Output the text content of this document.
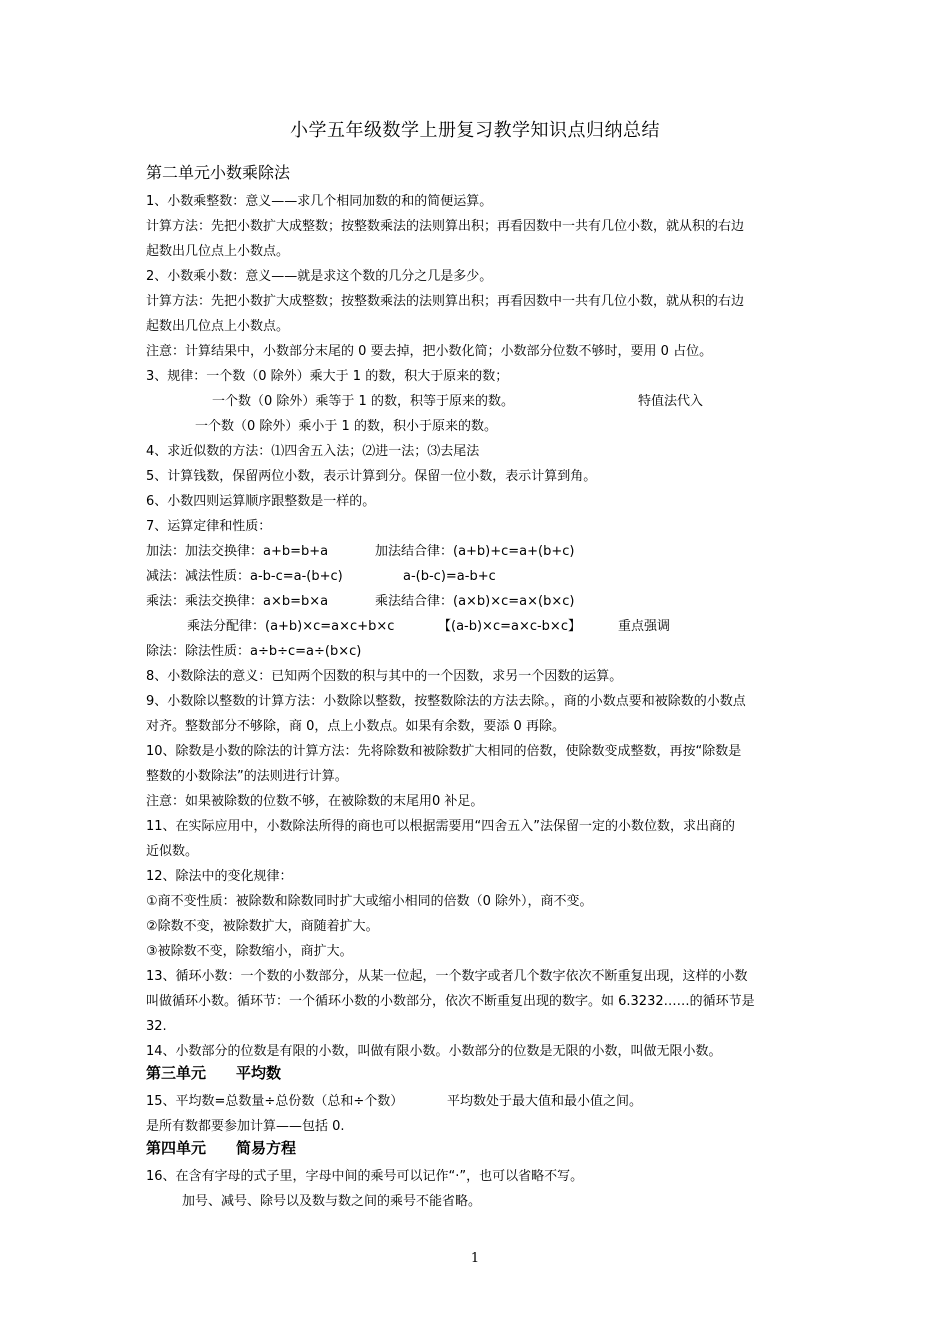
小学五年级数学上册复习教学知识点归纳总结
第二单元小数乘除法
1、小数乘整数：意义——求几个相同加数的和的简便运算。
计算方法：先把小数扩大成整数；按整数乘法的法则算出积；再看因数中一共有几位小数，就从积的右边
起数出几位点上小数点。
2、小数乘小数：意义——就是求这个数的几分之几是多少。
计算方法：先把小数扩大成整数；按整数乘法的法则算出积；再看因数中一共有几位小数，就从积的右边
起数出几位点上小数点。
注意：计算结果中，小数部分末尾的 0 要去掉，把小数化简；小数部分位数不够时，要用 0 占位。
3、规律：一个数（0 除外）乘大于 1 的数，积大于原来的数；
一个数（0 除外）乘等于 1 的数，积等于原来的数。	特值法代入
一个数（0 除外）乘小于 1 的数，积小于原来的数。
4、求近似数的方法：⑴四舍五入法；⑵进一法；⑶去尾法
5、计算钱数，保留两位小数，表示计算到分。保留一位小数，表示计算到角。
6、小数四则运算顺序跟整数是一样的。
7、运算定律和性质：
加法：加法交换律：a+b=b+a	加法结合律：(a+b)+c=a+(b+c)
减法：减法性质：a-b-c=a-(b+c)	a-(b-c)=a-b+c
乘法：乘法交换律：a×b=b×a	乘法结合律：(a×b)×c=a×(b×c)
乘法分配律：(a+b)×c=a×c+b×c	【(a-b)×c=a×c-b×c】	重点强调
除法：除法性质：a÷b÷c=a÷(b×c)
8、小数除法的意义：已知两个因数的积与其中的一个因数，求另一个因数的运算。
9、小数除以整数的计算方法：小数除以整数，按整数除法的方法去除。，商的小数点要和被除数的小数点
对齐。整数部分不够除，商 0，点上小数点。如果有余数，要添 0 再除。
10、除数是小数的除法的计算方法：先将除数和被除数扩大相同的倍数，使除数变成整数，再按“除数是
整数的小数除法”的法则进行计算。
注意：如果被除数的位数不够，在被除数的末尾用0 补足。
11、在实际应用中，小数除法所得的商也可以根据需要用“四舍五入”法保留一定的小数位数，求出商的
近似数。
12、除法中的变化规律：
①商不变性质：被除数和除数同时扩大或缩小相同的倍数（0 除外），商不变。
②除数不变，被除数扩大，商随着扩大。
③被除数不变，除数缩小，商扩大。
13、循环小数：一个数的小数部分，从某一位起，一个数字或者几个数字依次不断重复出现，这样的小数
叫做循环小数。循环节：一个循环小数的小数部分，依次不断重复出现的数字。如 6.3232……的循环节是
32.
14、小数部分的位数是有限的小数，叫做有限小数。小数部分的位数是无限的小数，叫做无限小数。
第三单元　　平均数
15、平均数=总数量÷总份数（总和÷个数）	平均数处于最大值和最小值之间。
是所有数都要参加计算——包括 0.
第四单元　　简易方程
16、在含有字母的式子里，字母中间的乘号可以记作“·”，也可以省略不写。
加号、减号、除号以及数与数之间的乘号不能省略。
1
